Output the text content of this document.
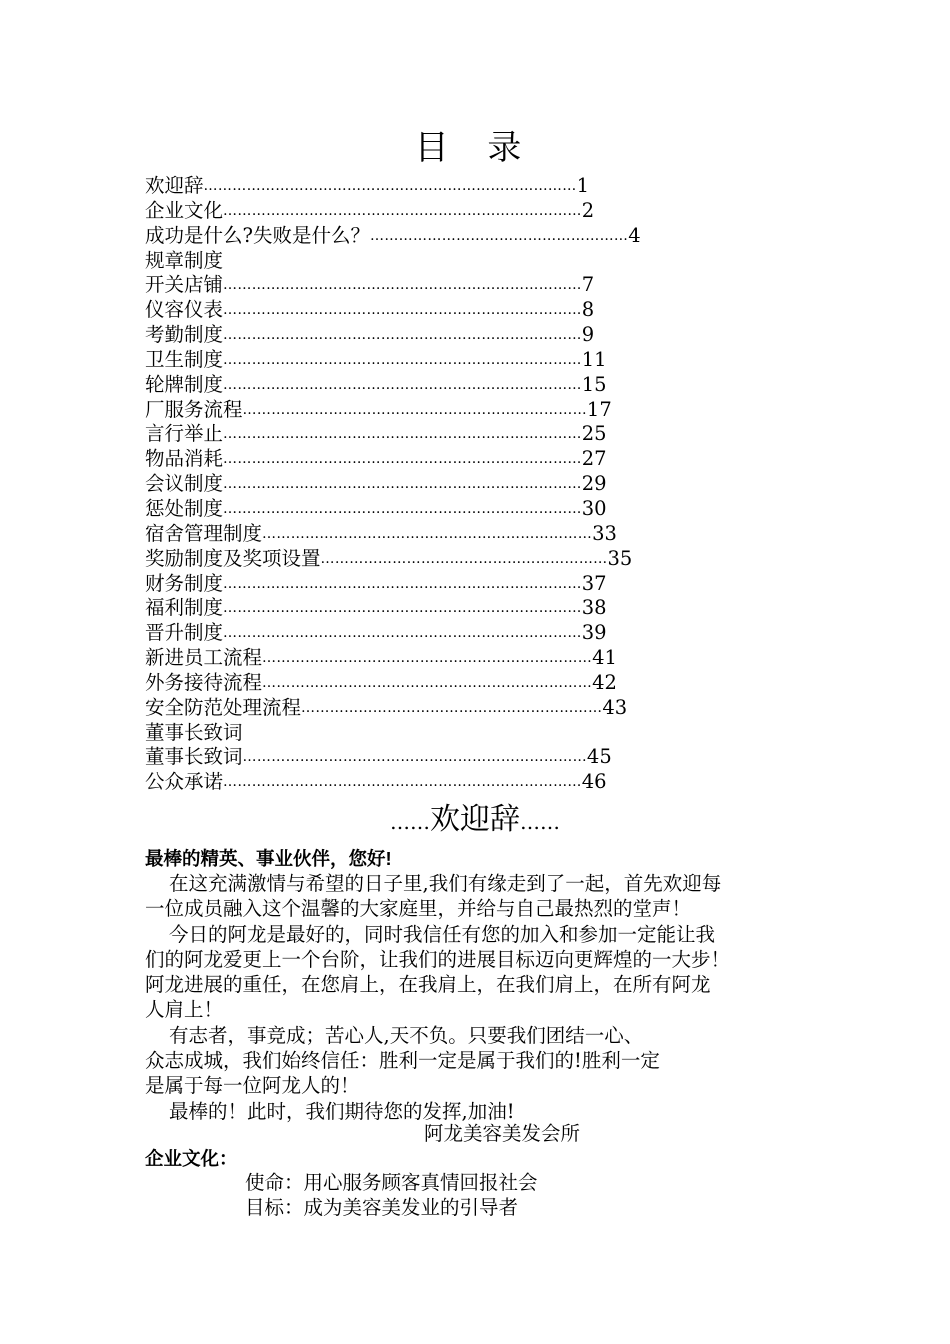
目 录
欢迎辞 …………………………………………………………………… 1
企业文化 ………………………………………………………………… 2
成功是什么?失败是什么？ ……………………………………………… 4
规章制度
开关店铺 ………………………………………………………………… 7
仪容仪表 ………………………………………………………………… 8
考勤制度 ………………………………………………………………… 9
卫生制度 ………………………………………………………………… 11
轮牌制度 ………………………………………………………………… 15
厂服务流程 ……………………………………………………………… 17
言行举止 ………………………………………………………………… 25
物品消耗 ………………………………………………………………… 27
会议制度 ………………………………………………………………… 29
惩处制度 ………………………………………………………………… 30
宿舍管理制度 …………………………………………………………… 33
奖励制度及奖项设置 …………………………………………………… 35
财务制度 ………………………………………………………………… 37
福利制度 ………………………………………………………………… 38
晋升制度 ………………………………………………………………… 39
新进员工流程 …………………………………………………………… 41
外务接待流程 …………………………………………………………… 42
安全防范处理流程 ……………………………………………………… 43
董事长致词
董事长致词 ……………………………………………………………… 45
公众承诺 ………………………………………………………………… 46
……欢迎辞……
最棒的精英、事业伙伴，您好!
在这充满激情与希望的日子里,我们有缘走到了一起，首先欢迎每
一位成员融入这个温馨的大家庭里，并给与自己最热烈的堂声！
今日的阿龙是最好的，同时我信任有您的加入和参加一定能让我
们的阿龙爱更上一个台阶，让我们的进展目标迈向更辉煌的一大步！
阿龙进展的重任，在您肩上，在我肩上，在我们肩上，在所有阿龙
人肩上！
有志者，事竞成；苦心人,天不负。只要我们团结一心、
众志成城，我们始终信任：胜利一定是属于我们的!胜利一定
是属于每一位阿龙人的！
最棒的！此时，我们期待您的发挥,加油!
阿龙美容美发会所
企业文化：
使命：用心服务顾客真情回报社会
目标：成为美容美发业的引导者
